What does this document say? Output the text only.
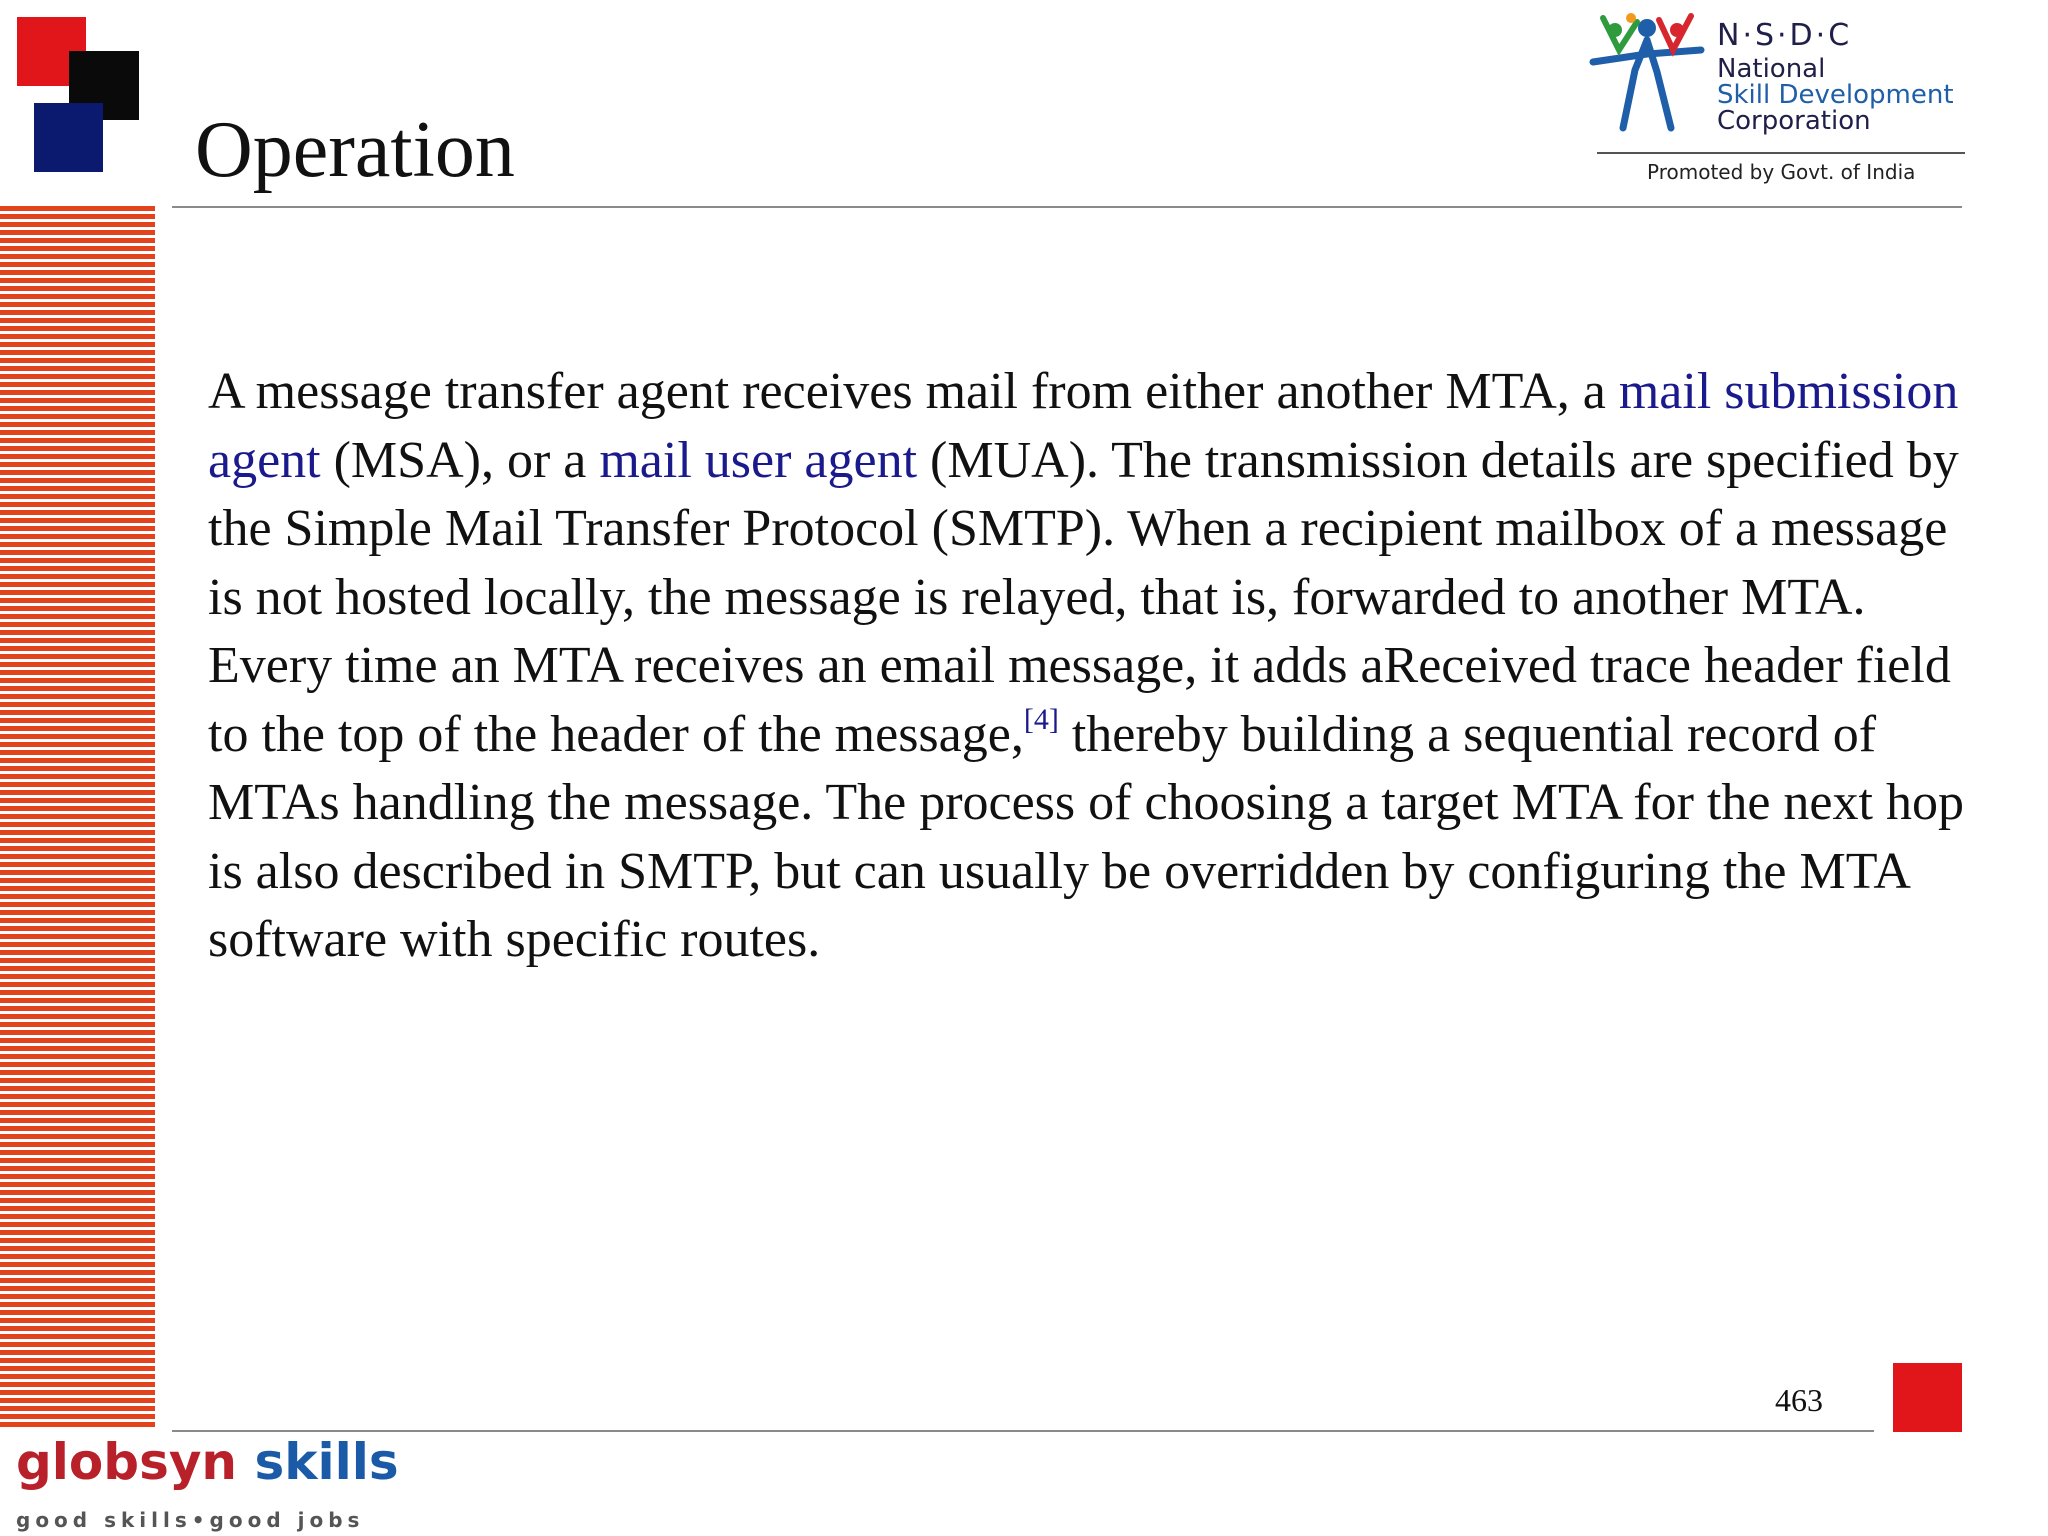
Operation
N·S·D·C
National
Skill Development
Corporation
Promoted by Govt. of India

A message transfer agent receives mail from either another MTA, a mail submission agent (MSA), or a mail user agent (MUA). The transmission details are specified by the Simple Mail Transfer Protocol (SMTP). When a recipient mailbox of a message is not hosted locally, the message is relayed, that is, forwarded to another MTA. Every time an MTA receives an email message, it adds aReceived trace header field to the top of the header of the message,[4] thereby building a sequential record of MTAs handling the message. The process of choosing a target MTA for the next hop is also described in SMTP, but can usually be overridden by configuring the MTA software with specific routes.

463
globsyn skills
good skills•good jobs
